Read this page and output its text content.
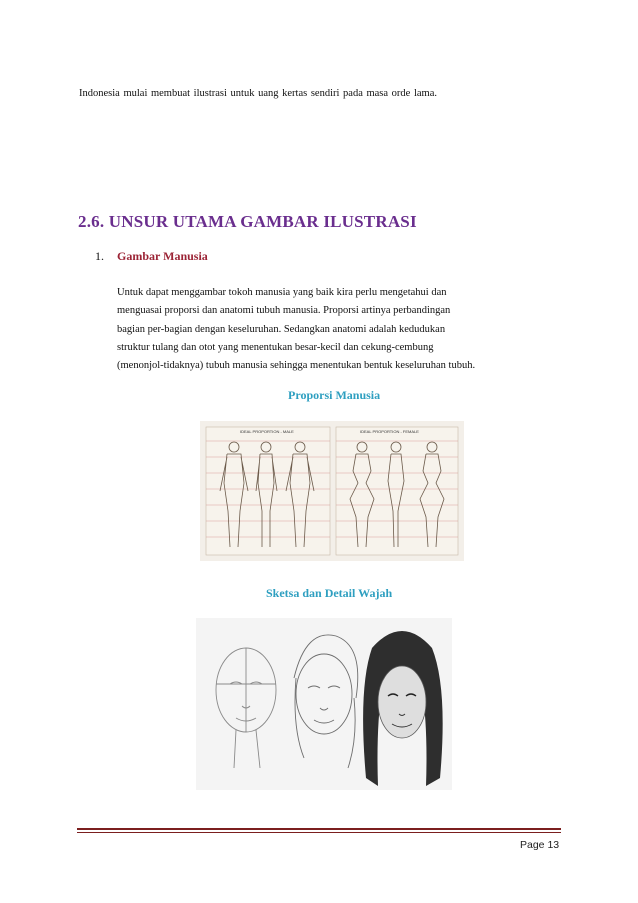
Indonesia mulai membuat ilustrasi untuk uang kertas sendiri pada masa orde lama.
2.6. UNSUR UTAMA GAMBAR ILUSTRASI
1. Gambar Manusia
Untuk dapat menggambar tokoh manusia yang baik kira perlu mengetahui dan
menguasai proporsi dan anatomi tubuh manusia. Proporsi artinya perbandingan
bagian per-bagian dengan keseluruhan. Sedangkan anatomi adalah kedudukan
struktur tulang dan otot yang menentukan besar-kecil dan cekung-cembung
(menonjol-tidaknya) tubuh manusia sehingga menentukan bentuk keseluruhan tubuh.
Proporsi Manusia
IDEAL PROPORTION - MALE	IDEAL PROPORTION - FEMALE
Sketsa dan Detail Wajah
Page 13
